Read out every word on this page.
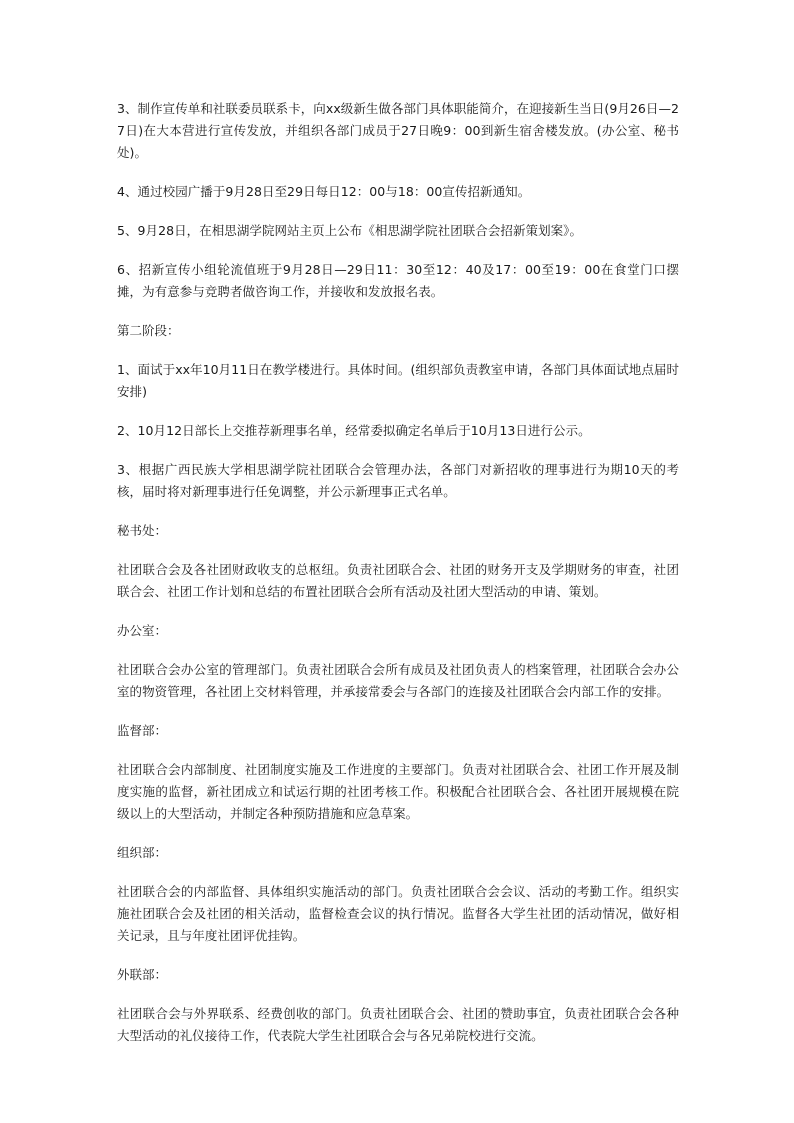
3、制作宣传单和社联委员联系卡，向xx级新生做各部门具体职能简介，在迎接新生当日(9月26日—27日)在大本营进行宣传发放，并组织各部门成员于27日晚9：00到新生宿舍楼发放。(办公室、秘书处)。

4、通过校园广播于9月28日至29日每日12：00与18：00宣传招新通知。

5、9月28日，在相思湖学院网站主页上公布《相思湖学院社团联合会招新策划案》。

6、招新宣传小组轮流值班于9月28日—29日11：30至12：40及17：00至19：00在食堂门口摆摊，为有意参与竞聘者做咨询工作，并接收和发放报名表。

第二阶段：

1、面试于xx年10月11日在教学楼进行。具体时间。(组织部负责教室申请，各部门具体面试地点届时安排)

2、10月12日部长上交推荐新理事名单，经常委拟确定名单后于10月13日进行公示。

3、根据广西民族大学相思湖学院社团联合会管理办法，各部门对新招收的理事进行为期10天的考核，届时将对新理事进行任免调整，并公示新理事正式名单。

秘书处：

社团联合会及各社团财政收支的总枢纽。负责社团联合会、社团的财务开支及学期财务的审查，社团联合会、社团工作计划和总结的布置社团联合会所有活动及社团大型活动的申请、策划。

办公室：

社团联合会办公室的管理部门。负责社团联合会所有成员及社团负责人的档案管理，社团联合会办公室的物资管理，各社团上交材料管理，并承接常委会与各部门的连接及社团联合会内部工作的安排。

监督部：

社团联合会内部制度、社团制度实施及工作进度的主要部门。负责对社团联合会、社团工作开展及制度实施的监督，新社团成立和试运行期的社团考核工作。积极配合社团联合会、各社团开展规模在院级以上的大型活动，并制定各种预防措施和应急草案。

组织部：

社团联合会的内部监督、具体组织实施活动的部门。负责社团联合会会议、活动的考勤工作。组织实施社团联合会及社团的相关活动，监督检查会议的执行情况。监督各大学生社团的活动情况，做好相关记录，且与年度社团评优挂钩。

外联部：

社团联合会与外界联系、经费创收的部门。负责社团联合会、社团的赞助事宜，负责社团联合会各种大型活动的礼仪接待工作，代表院大学生社团联合会与各兄弟院校进行交流。
